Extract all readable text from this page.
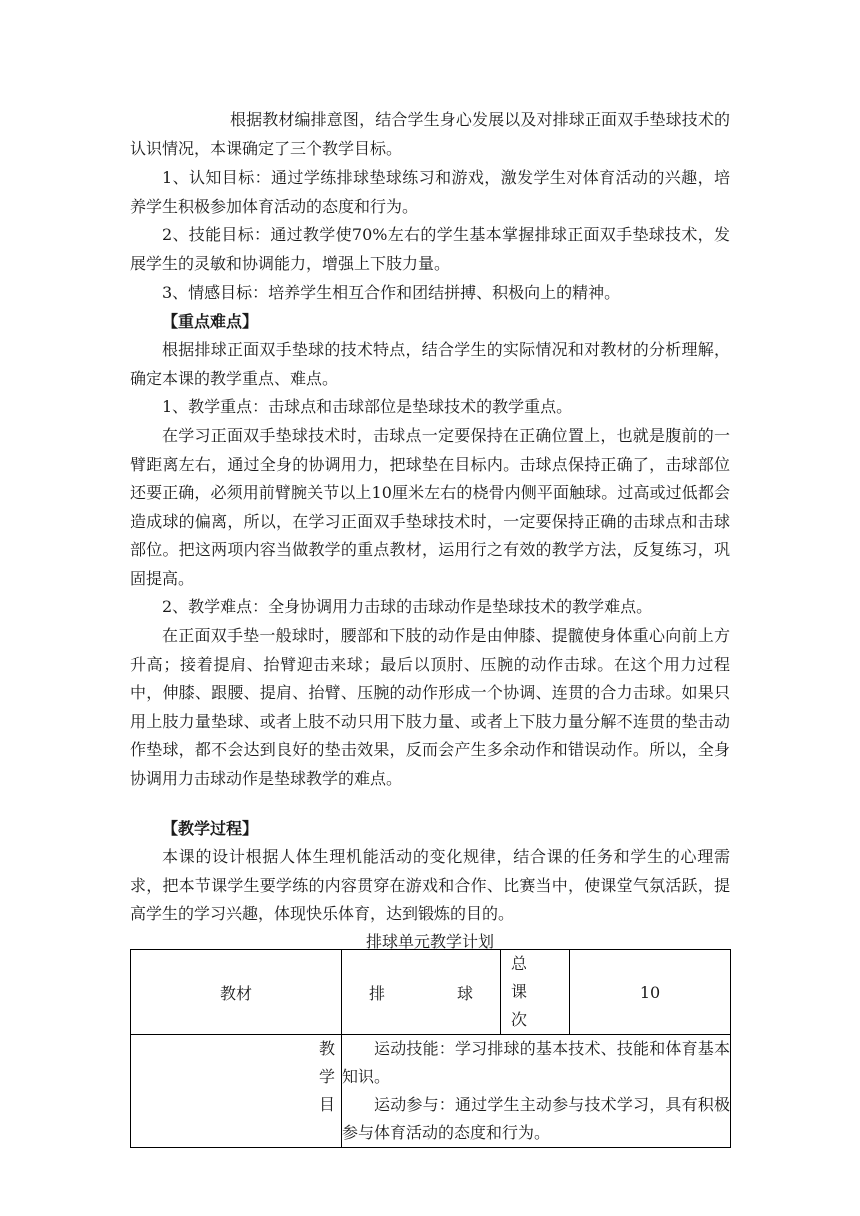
根据教材编排意图，结合学生身心发展以及对排球正面双手垫球技术的认识情况，本课确定了三个教学目标。

1、认知目标：通过学练排球垫球练习和游戏，激发学生对体育活动的兴趣，培养学生积极参加体育活动的态度和行为。

2、技能目标：通过教学使70%左右的学生基本掌握排球正面双手垫球技术，发展学生的灵敏和协调能力，增强上下肢力量。

3、情感目标：培养学生相互合作和团结拼搏、积极向上的精神。

【重点难点】

根据排球正面双手垫球的技术特点，结合学生的实际情况和对教材的分析理解，确定本课的教学重点、难点。

1、教学重点：击球点和击球部位是垫球技术的教学重点。

在学习正面双手垫球技术时，击球点一定要保持在正确位置上，也就是腹前的一臂距离左右，通过全身的协调用力，把球垫在目标内。击球点保持正确了，击球部位还要正确，必须用前臂腕关节以上10厘米左右的桡骨内侧平面触球。过高或过低都会造成球的偏离，所以，在学习正面双手垫球技术时，一定要保持正确的击球点和击球部位。把这两项内容当做教学的重点教材，运用行之有效的教学方法，反复练习，巩固提高。

2、教学难点：全身协调用力击球的击球动作是垫球技术的教学难点。

在正面双手垫一般球时，腰部和下肢的动作是由伸膝、提髋使身体重心向前上方升高；接着提肩、抬臂迎击来球；最后以顶肘、压腕的动作击球。在这个用力过程中，伸膝、跟腰、提肩、抬臂、压腕的动作形成一个协调、连贯的合力击球。如果只用上肢力量垫球、或者上肢不动只用下肢力量、或者上下肢力量分解不连贯的垫击动作垫球，都不会达到良好的垫击效果，反而会产生多余动作和错误动作。所以，全身协调用力击球动作是垫球教学的难点。

【教学过程】

本课的设计根据人体生理机能活动的变化规律，结合课的任务和学生的心理需求，把本节课学生要学练的内容贯穿在游戏和合作、比赛当中，使课堂气氛活跃，提高学生的学习兴趣，体现快乐体育，达到锻炼的目的。

排球单元教学计划

教材	排球	总课次	10

教学目	运动技能：学习排球的基本技术、技能和体育基本知识。
运动参与：通过学生主动参与技术学习，具有积极参与体育活动的态度和行为。		
